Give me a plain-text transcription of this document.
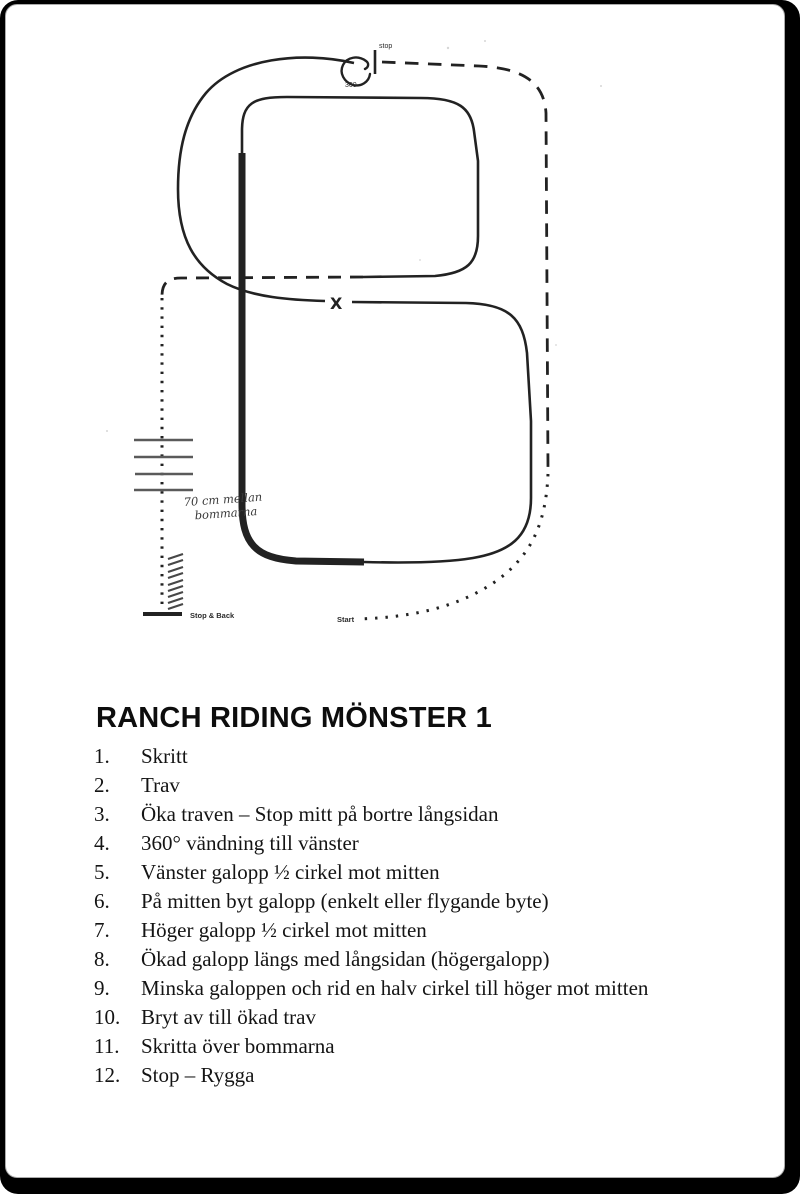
X
stop
360
70 cm mellan
bommarna
Stop & Back	Start
RANCH RIDING MÖNSTER 1
1.	Skritt
2.	Trav
3.	Öka traven – Stop mitt på bortre långsidan
4.	360° vändning till vänster
5.	Vänster galopp ½ cirkel mot mitten
6.	På mitten byt galopp (enkelt eller flygande byte)
7.	Höger galopp ½ cirkel mot mitten
8.	Ökad galopp längs med långsidan (högergalopp)
9.	Minska galoppen och rid en halv cirkel till höger mot mitten
10. Bryt av till ökad trav
11.	Skritta över bommarna
12. Stop – Rygga
